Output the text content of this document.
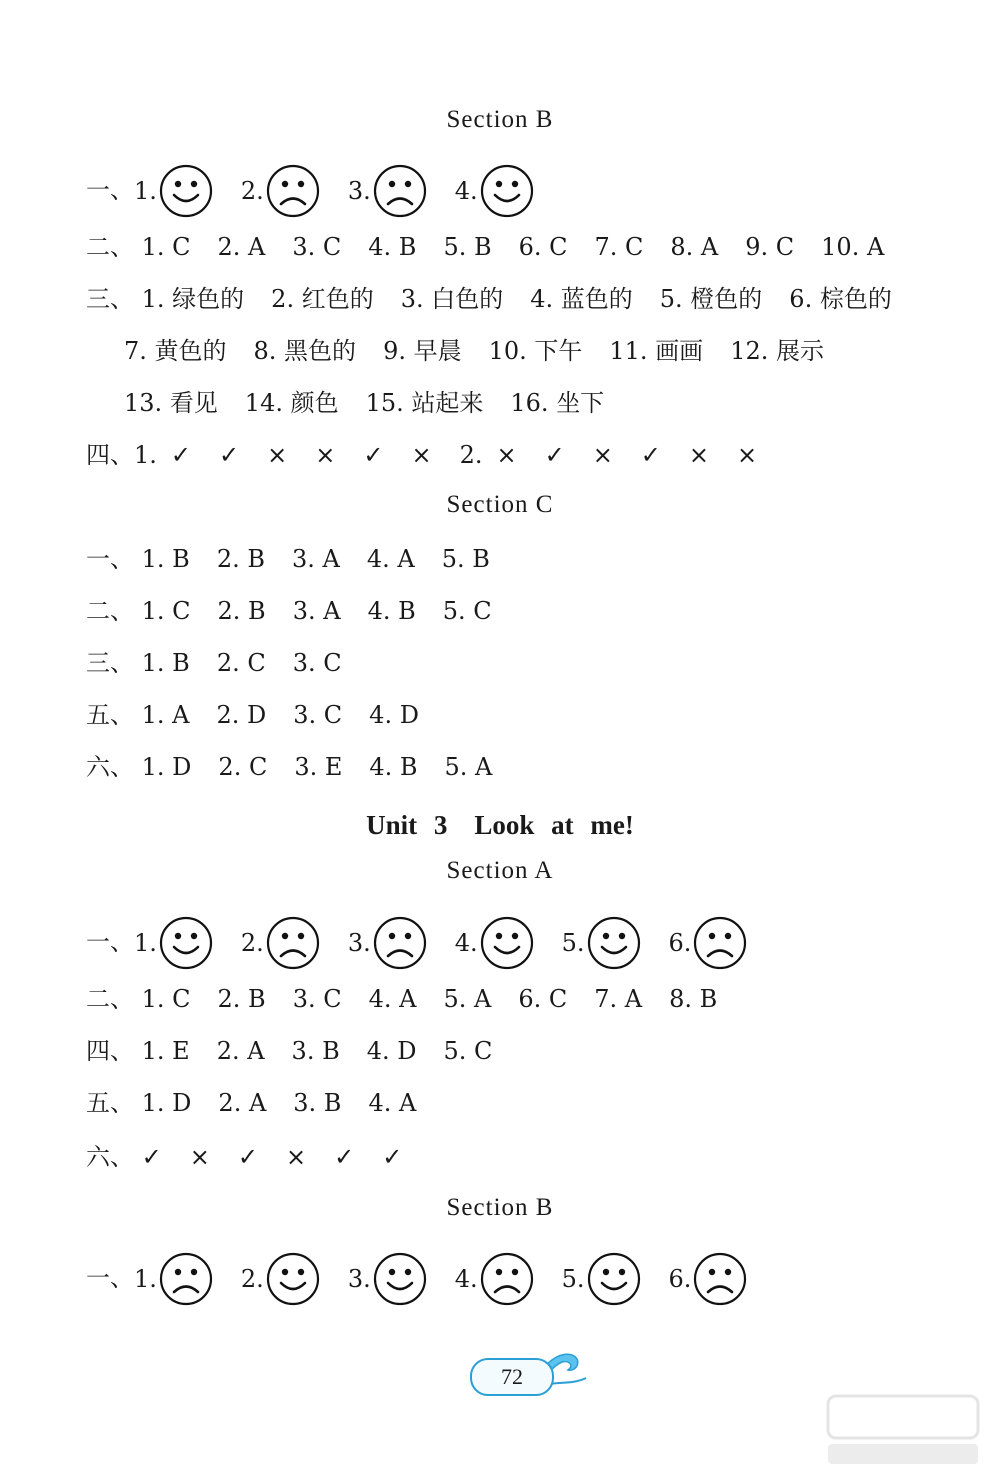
Section B
一、 1.	2.	3.	4.
二、 1. C 2. A 3. C 4. B 5. B 6. C 7. C 8. A 9. C 10. A
三、 1. 绿色的 2. 红色的 3. 白色的 4. 蓝色的 5. 橙色的 6. 棕色的
7. 黄色的 8. 黑色的 9. 早晨 10. 下午 11. 画画 12. 展示
13. 看见 14. 颜色 15. 站起来 16. 坐下
四、1. ✓ ✓ × × ✓ × 2. × ✓ × ✓ × ×
Section C
一、 1. B 2. B 3. A 4. A 5. B
二、 1. C 2. B 3. A 4. B 5. C
三、 1. B 2. C 3. C
五、 1. A 2. D 3. C 4. D
六、 1. D 2. C 3. E 4. B 5. A
Unit 3　Look at me!
Section A
一、 1.	2.	3.	4.	5.	6.
二、 1. C 2. B 3. C 4. A 5. A 6. C 7. A 8. B
四、 1. E 2. A 3. B 4. D 5. C
五、 1. D 2. A 3. B 4. A
六、 ✓ × ✓ × ✓ ✓
Section B
一、 1.	2.	3.	4.	5.	6.
72
